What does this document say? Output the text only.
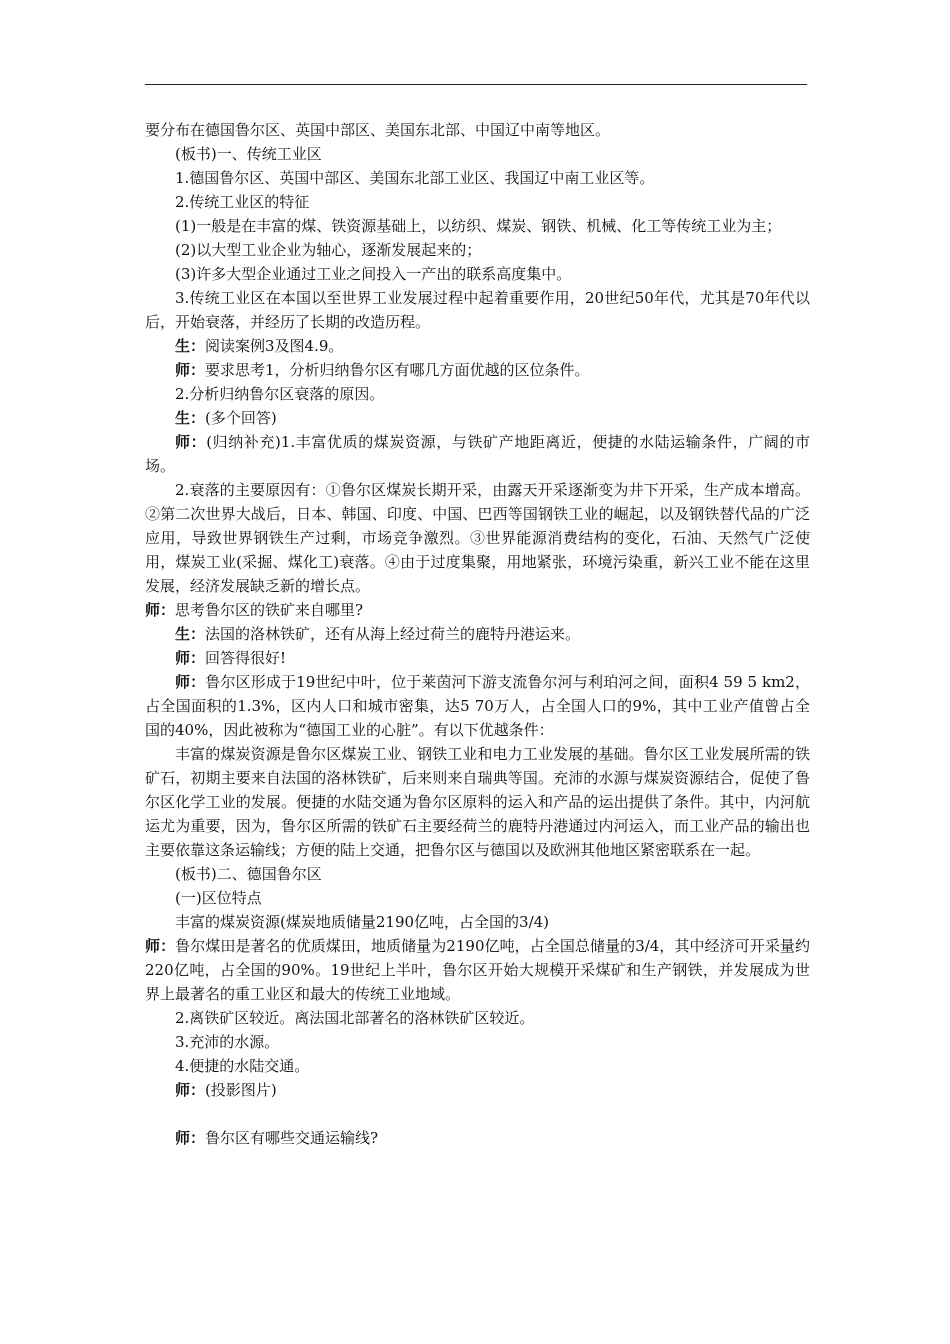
要分布在德国鲁尔区、英国中部区、美国东北部、中国辽中南等地区。

(板书)一、传统工业区

1.德国鲁尔区、英国中部区、美国东北部工业区、我国辽中南工业区等。

2.传统工业区的特征

(1)一般是在丰富的煤、铁资源基础上，以纺织、煤炭、钢铁、机械、化工等传统工业为主；

(2)以大型工业企业为轴心，逐渐发展起来的；

(3)许多大型企业通过工业之间投入一产出的联系高度集中。

3.传统工业区在本国以至世界工业发展过程中起着重要作用，20世纪50年代，尤其是70年代以后，开始衰落，并经历了长期的改造历程。

生：阅读案例3及图4.9。

师：要求思考1，分析归纳鲁尔区有哪几方面优越的区位条件。

2.分析归纳鲁尔区衰落的原因。

生：(多个回答)

师：(归纳补充)1.丰富优质的煤炭资源，与铁矿产地距离近，便捷的水陆运输条件，广阔的市场。

2.衰落的主要原因有：①鲁尔区煤炭长期开采，由露天开采逐渐变为井下开采，生产成本增高。②第二次世界大战后，日本、韩国、印度、中国、巴西等国钢铁工业的崛起，以及钢铁替代品的广泛应用，导致世界钢铁生产过剩，市场竞争激烈。③世界能源消费结构的变化，石油、天然气广泛使用，煤炭工业(采掘、煤化工)衰落。④由于过度集聚，用地紧张，环境污染重，新兴工业不能在这里发展，经济发展缺乏新的增长点。

师：思考鲁尔区的铁矿来自哪里?

生：法国的洛林铁矿，还有从海上经过荷兰的鹿特丹港运来。

师：回答得很好!

师：鲁尔区形成于19世纪中叶，位于莱茵河下游支流鲁尔河与利珀河之间，面积4 59 5 km2，占全国面积的1.3%，区内人口和城市密集，达5 70万人，占全国人口的9%，其中工业产值曾占全国的40%，因此被称为“德国工业的心脏”。有以下优越条件：

丰富的煤炭资源是鲁尔区煤炭工业、钢铁工业和电力工业发展的基础。鲁尔区工业发展所需的铁矿石，初期主要来自法国的洛林铁矿，后来则来自瑞典等国。充沛的水源与煤炭资源结合，促使了鲁尔区化学工业的发展。便捷的水陆交通为鲁尔区原料的运入和产品的运出提供了条件。其中，内河航运尤为重要，因为，鲁尔区所需的铁矿石主要经荷兰的鹿特丹港通过内河运入，而工业产品的输出也主要依靠这条运输线；方便的陆上交通，把鲁尔区与德国以及欧洲其他地区紧密联系在一起。

(板书)二、德国鲁尔区

(一)区位特点

丰富的煤炭资源(煤炭地质储量2190亿吨，占全国的3/4)

师：鲁尔煤田是著名的优质煤田，地质储量为2190亿吨，占全国总储量的3/4，其中经济可开采量约220亿吨，占全国的90%。19世纪上半叶，鲁尔区开始大规模开采煤矿和生产钢铁，并发展成为世界上最著名的重工业区和最大的传统工业地域。

2.离铁矿区较近。离法国北部著名的洛林铁矿区较近。

3.充沛的水源。

4.便捷的水陆交通。

师：(投影图片)

师：鲁尔区有哪些交通运输线?
